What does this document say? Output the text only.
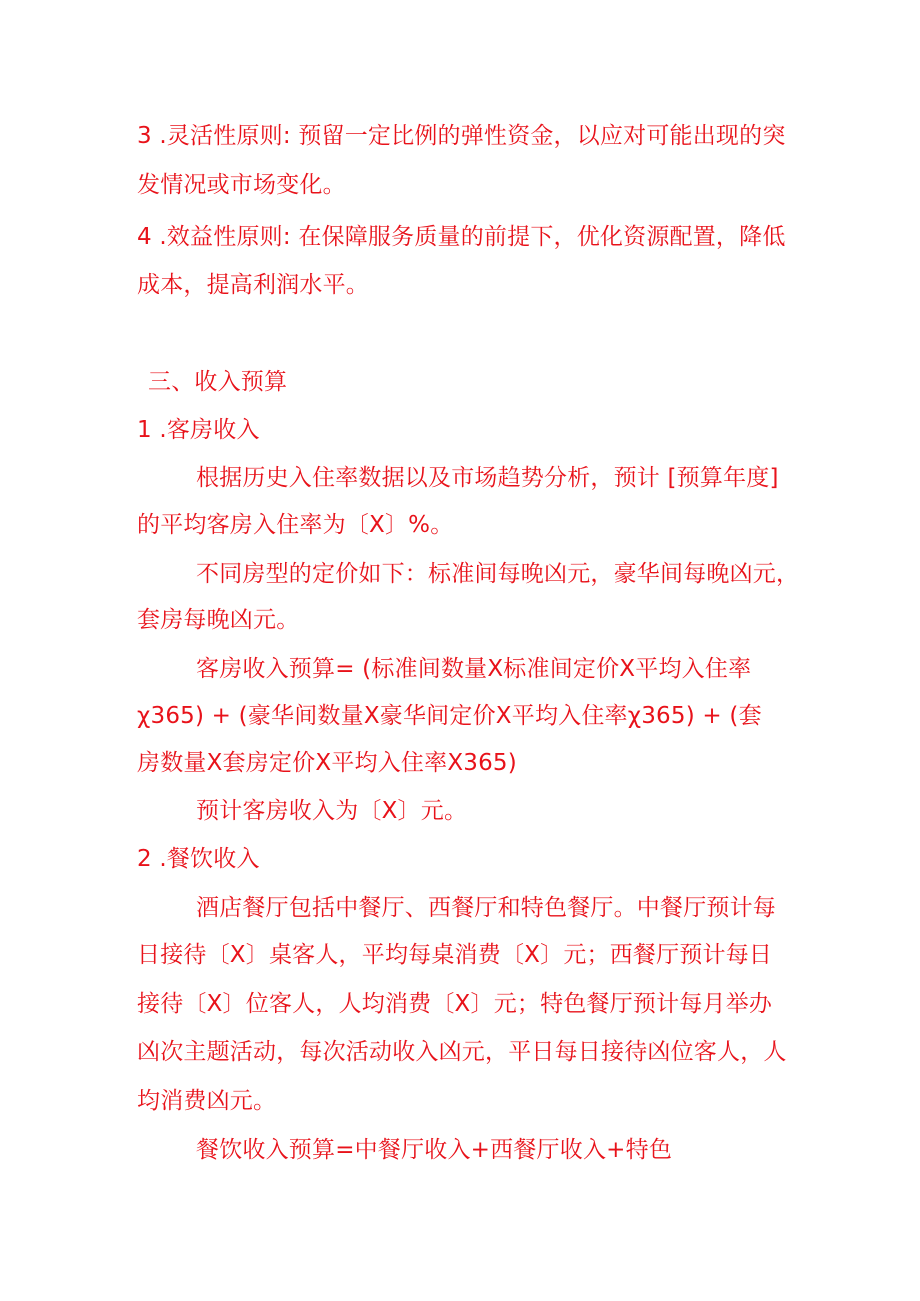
3 .灵活性原则: 预留一定比例的弹性资金，以应对可能出现的突
发情况或市场变化。
4 .效益性原则: 在保障服务质量的前提下，优化资源配置，降低
成本，提高利润水平。
三、收入预算
1 .客房收入
根据历史入住率数据以及市场趋势分析，预计 [预算年度]
的平均客房入住率为〔X〕%。
不同房型的定价如下：标准间每晚凶元，豪华间每晚凶元，
套房每晚凶元。
客房收入预算= (标准间数量X标准间定价X平均入住率
χ365) + (豪华间数量X豪华间定价X平均入住率χ365) + (套
房数量X套房定价X平均入住率X365)
预计客房收入为〔X〕元。
2 .餐饮收入
酒店餐厅包括中餐厅、西餐厅和特色餐厅。中餐厅预计每
日接待〔X〕桌客人，平均每桌消费〔X〕元；西餐厅预计每日
接待〔X〕位客人，人均消费〔X〕元；特色餐厅预计每月举办
凶次主题活动，每次活动收入凶元，平日每日接待凶位客人，人
均消费凶元。
餐饮收入预算=中餐厅收入+西餐厅收入+特色
